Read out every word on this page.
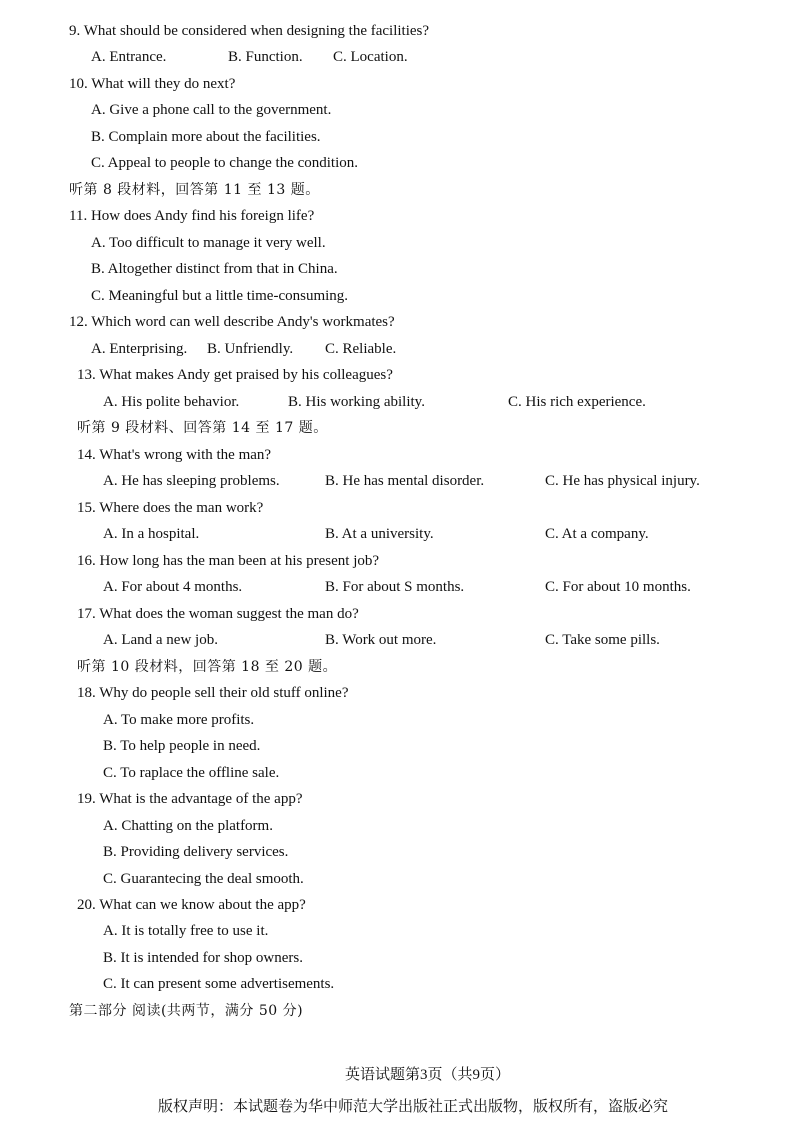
9. What should be considered when designing the facilities?
A. Entrance.	B. Function. C. Location.
10. What will they do next?
A. Give a phone call to the government.
B. Complain more about the facilities.
C. Appeal to people to change the condition.
听第 8 段材料，回答第 11 至 13 题。
11. How does Andy find his foreign life?
A. Too difficult to manage it very well.
B. Altogether distinct from that in China.
C. Meaningful but a little time-consuming.
12. Which word can well describe Andy's workmates?
A. Enterprising. B. Unfriendly. C. Reliable.
13. What makes Andy get praised by his colleagues?
A. His polite behavior.	B. His working ability.	C. His rich experience.
听第 9 段材料、回答第 14 至 17 题。
14. What's wrong with the man?
A. He has sleeping problems.	B. He has mental disorder.	C. He has physical injury.
15. Where does the man work?
A. In a hospital.	B. At a university.	C. At a company.
16. How long has the man been at his present job?
A. For about 4 months.	B. For about S months.	C. For about 10 months.
17. What does the woman suggest the man do?
A. Land a new job.	B. Work out more.	C. Take some pills.
听第 10 段材料，回答第 18 至 20 题。
18. Why do people sell their old stuff online?
A. To make more profits.
B. To help people in need.
C. To raplace the offline sale.
19. What is the advantage of the app?
A. Chatting on the platform.
B. Providing delivery services.
C. Guarantecing the deal smooth.
20. What can we know about the app?
A. It is totally free to use it.
B. It is intended for shop owners.
C. It can present some advertisements.
第二部分 阅读(共两节，满分 50 分)
英语试题第3页（共9页）
版权声明：本试题卷为华中师范大学出版社正式出版物，版权所有，盗版必究
